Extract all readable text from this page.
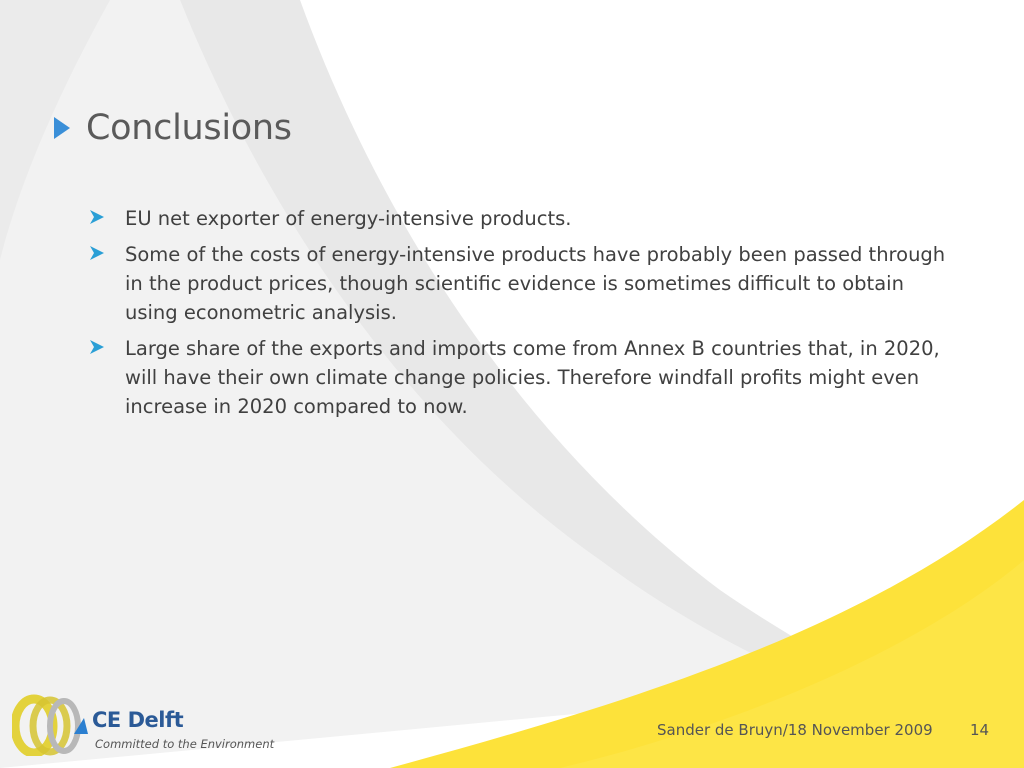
Conclusions
EU net exporter of energy-intensive products.
Some of the costs of energy-intensive products have probably been passed through in the product prices, though scientific evidence is sometimes difficult to obtain using econometric analysis.
Large share of the exports and imports come from Annex B countries that, in 2020, will have their own climate change policies. Therefore windfall profits might even increase in 2020 compared to now.
CE Delft
Committed to the Environment
Sander de Bruyn/18 November 2009 14
